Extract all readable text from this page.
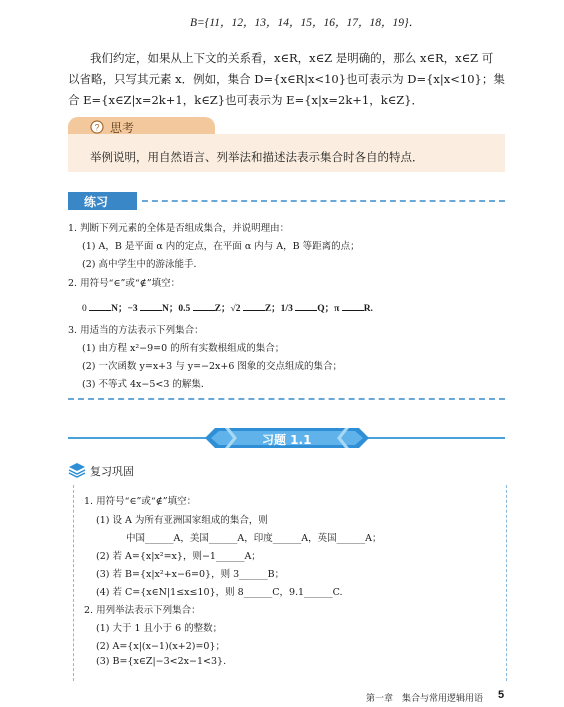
B={11，12，13，14，15，16，17，18，19}．
我们约定，如果从上下文的关系看，x∈R，x∈Z 是明确的，那么 x∈R，x∈Z 可
以省略，只写其元素 x．例如，集合 D={x∈R|x<10}也可表示为 D={x|x<10}；集
合 E={x∈Z|x=2k+1，k∈Z}也可表示为 E={x|x=2k+1，k∈Z}．
? 思考
举例说明，用自然语言、列举法和描述法表示集合时各自的特点．
练习
1. 判断下列元素的全体是否组成集合，并说明理由：
(1) A，B 是平面 α 内的定点，在平面 α 内与 A，B 等距离的点；
(2) 高中学生中的游泳能手．
2. 用符号“∈”或“∉”填空：
0	N；−3	N；0.5	Z；√2	Z；1/3	Q；π	R.
3. 用适当的方法表示下列集合：
(1) 由方程 x²−9=0 的所有实数根组成的集合；
(2) 一次函数 y=x+3 与 y=−2x+6 图象的交点组成的集合；
(3) 不等式 4x−5<3 的解集．
习题 1.1
复习巩固
1. 用符号“∈”或“∉”填空：
(1) 设 A 为所有亚洲国家组成的集合，则
中国______A，美国______A，印度______A，英国______A；
(2) 若 A={x|x²=x}，则−1______A；
(3) 若 B={x|x²+x−6=0}，则 3______B；
(4) 若 C={x∈N|1≤x≤10}，则 8______C，9.1______C.
2. 用列举法表示下列集合：
(1) 大于 1 且小于 6 的整数；
(2) A={x|(x−1)(x+2)=0}；
(3) B={x∈Z|−3<2x−1<3}.
第一章　集合与常用逻辑用语 5
